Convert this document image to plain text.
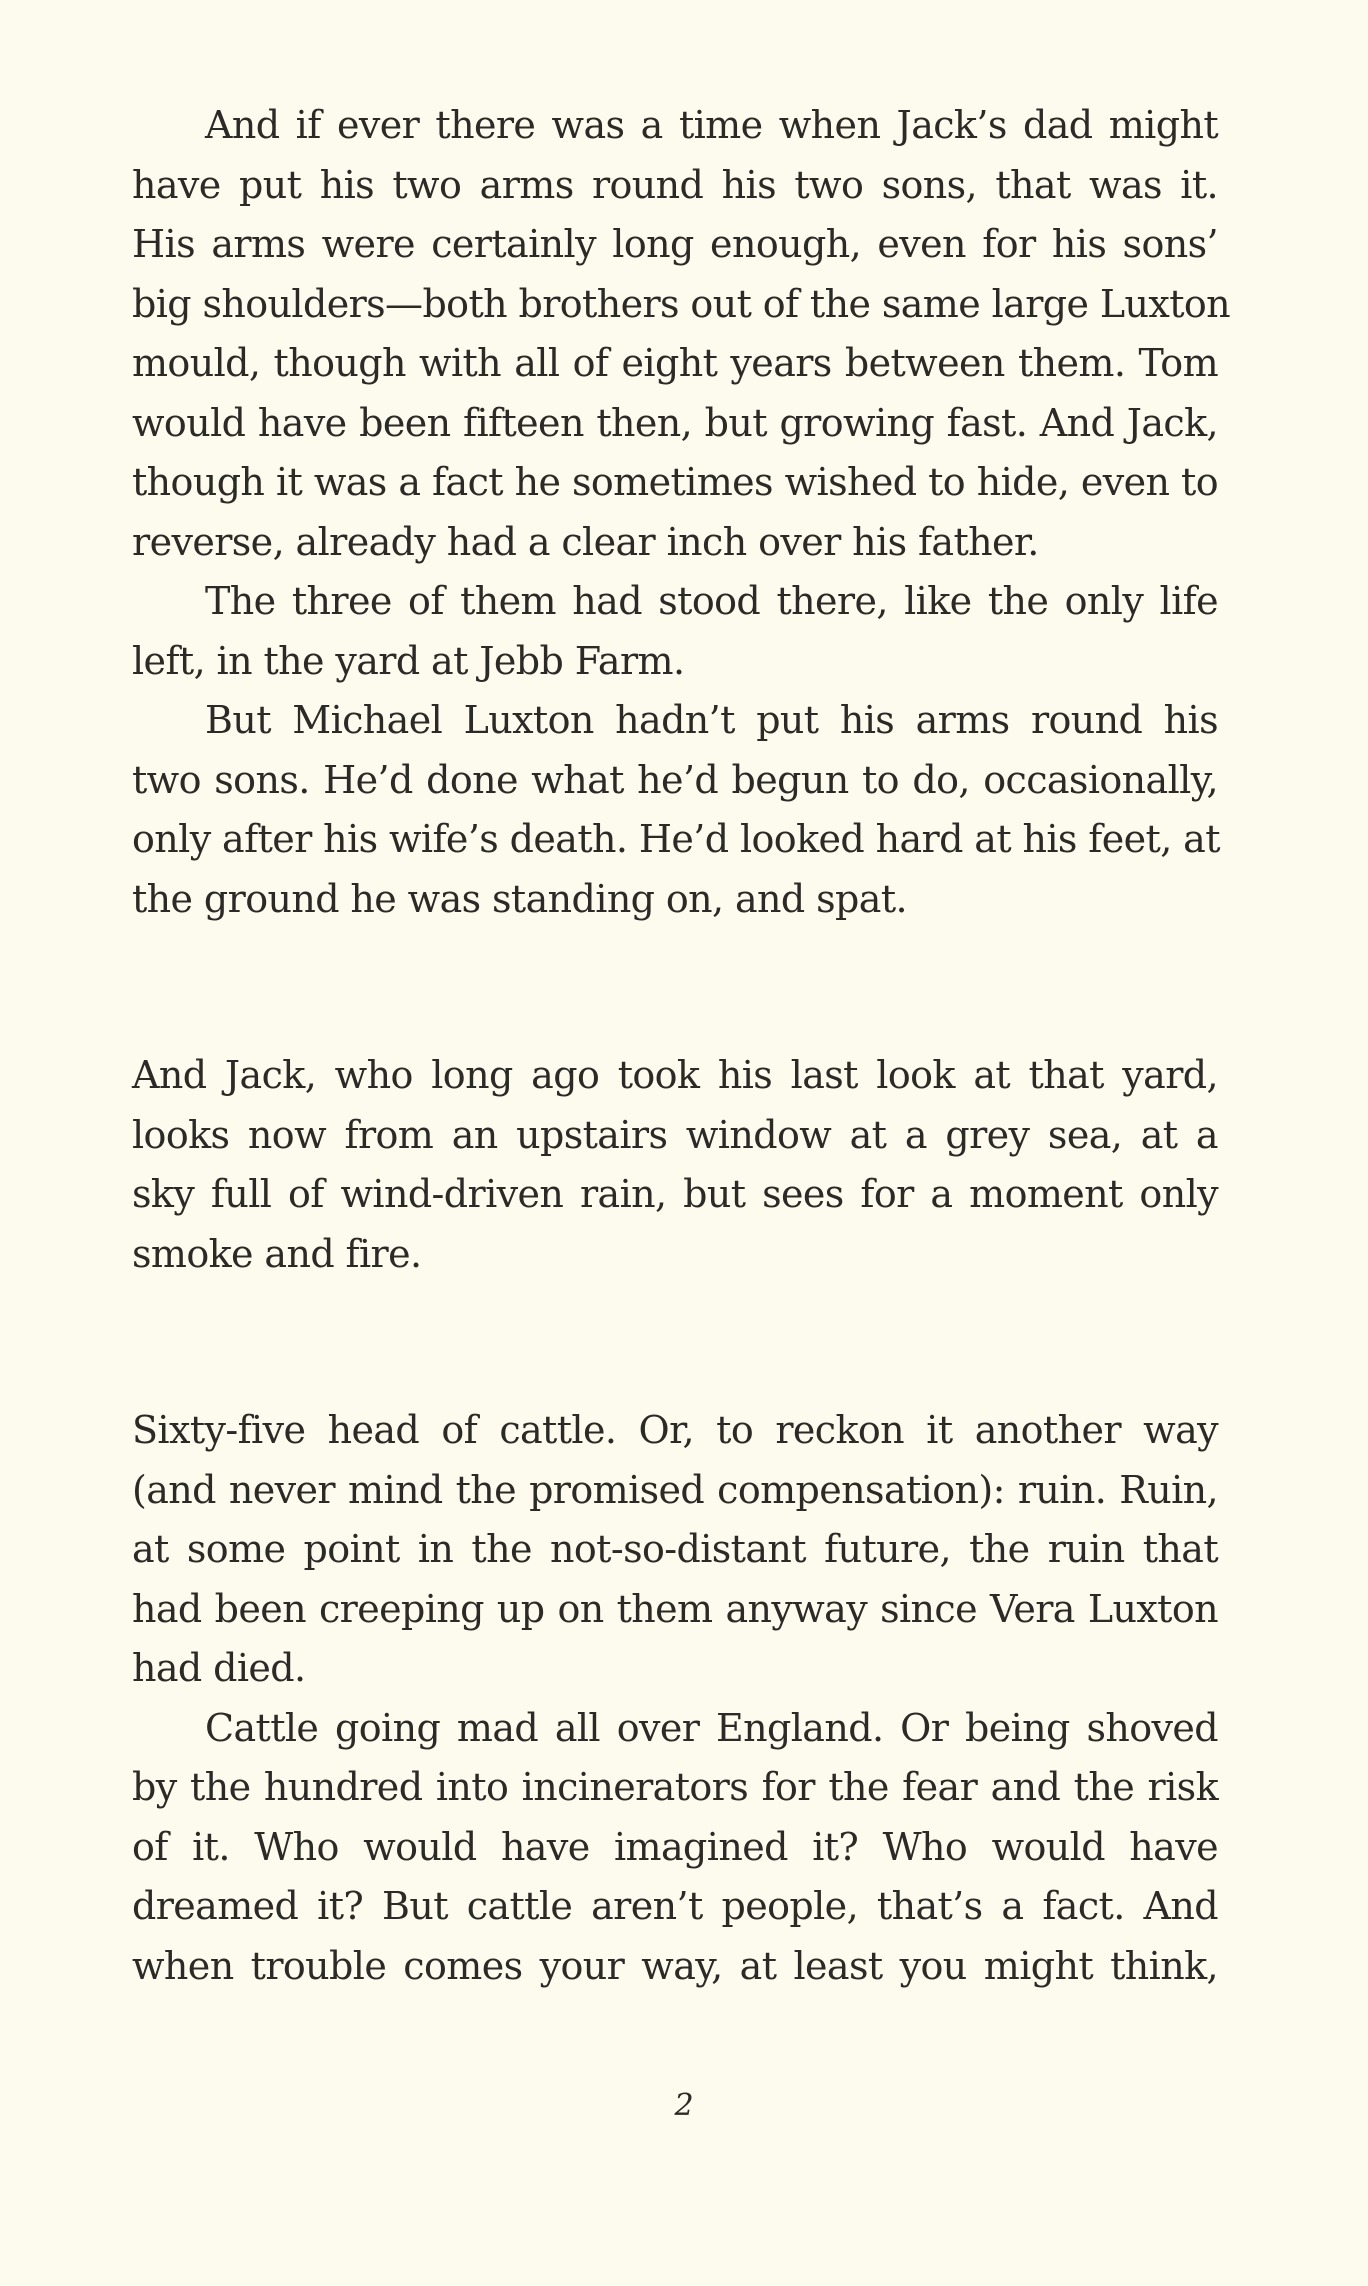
And if ever there was a time when Jack’s dad might
have put his two arms round his two sons, that was it.
His arms were certainly long enough, even for his sons’
big shoulders—both brothers out of the same large Luxton
mould, though with all of eight years between them. Tom
would have been fifteen then, but growing fast. And Jack,
though it was a fact he sometimes wished to hide, even to
reverse, already had a clear inch over his father.
The three of them had stood there, like the only life
left, in the yard at Jebb Farm.
But Michael Luxton hadn’t put his arms round his
two sons. He’d done what he’d begun to do, occasionally,
only after his wife’s death. He’d looked hard at his feet, at
the ground he was standing on, and spat.
And Jack, who long ago took his last look at that yard,
looks now from an upstairs window at a grey sea, at a
sky full of wind-driven rain, but sees for a moment only
smoke and fire.
Sixty-five head of cattle. Or, to reckon it another way
(and never mind the promised compensation): ruin. Ruin,
at some point in the not-so-distant future, the ruin that
had been creeping up on them anyway since Vera Luxton
had died.
Cattle going mad all over England. Or being shoved
by the hundred into incinerators for the fear and the risk
of it. Who would have imagined it? Who would have
dreamed it? But cattle aren’t people, that’s a fact. And
when trouble comes your way, at least you might think,
2
